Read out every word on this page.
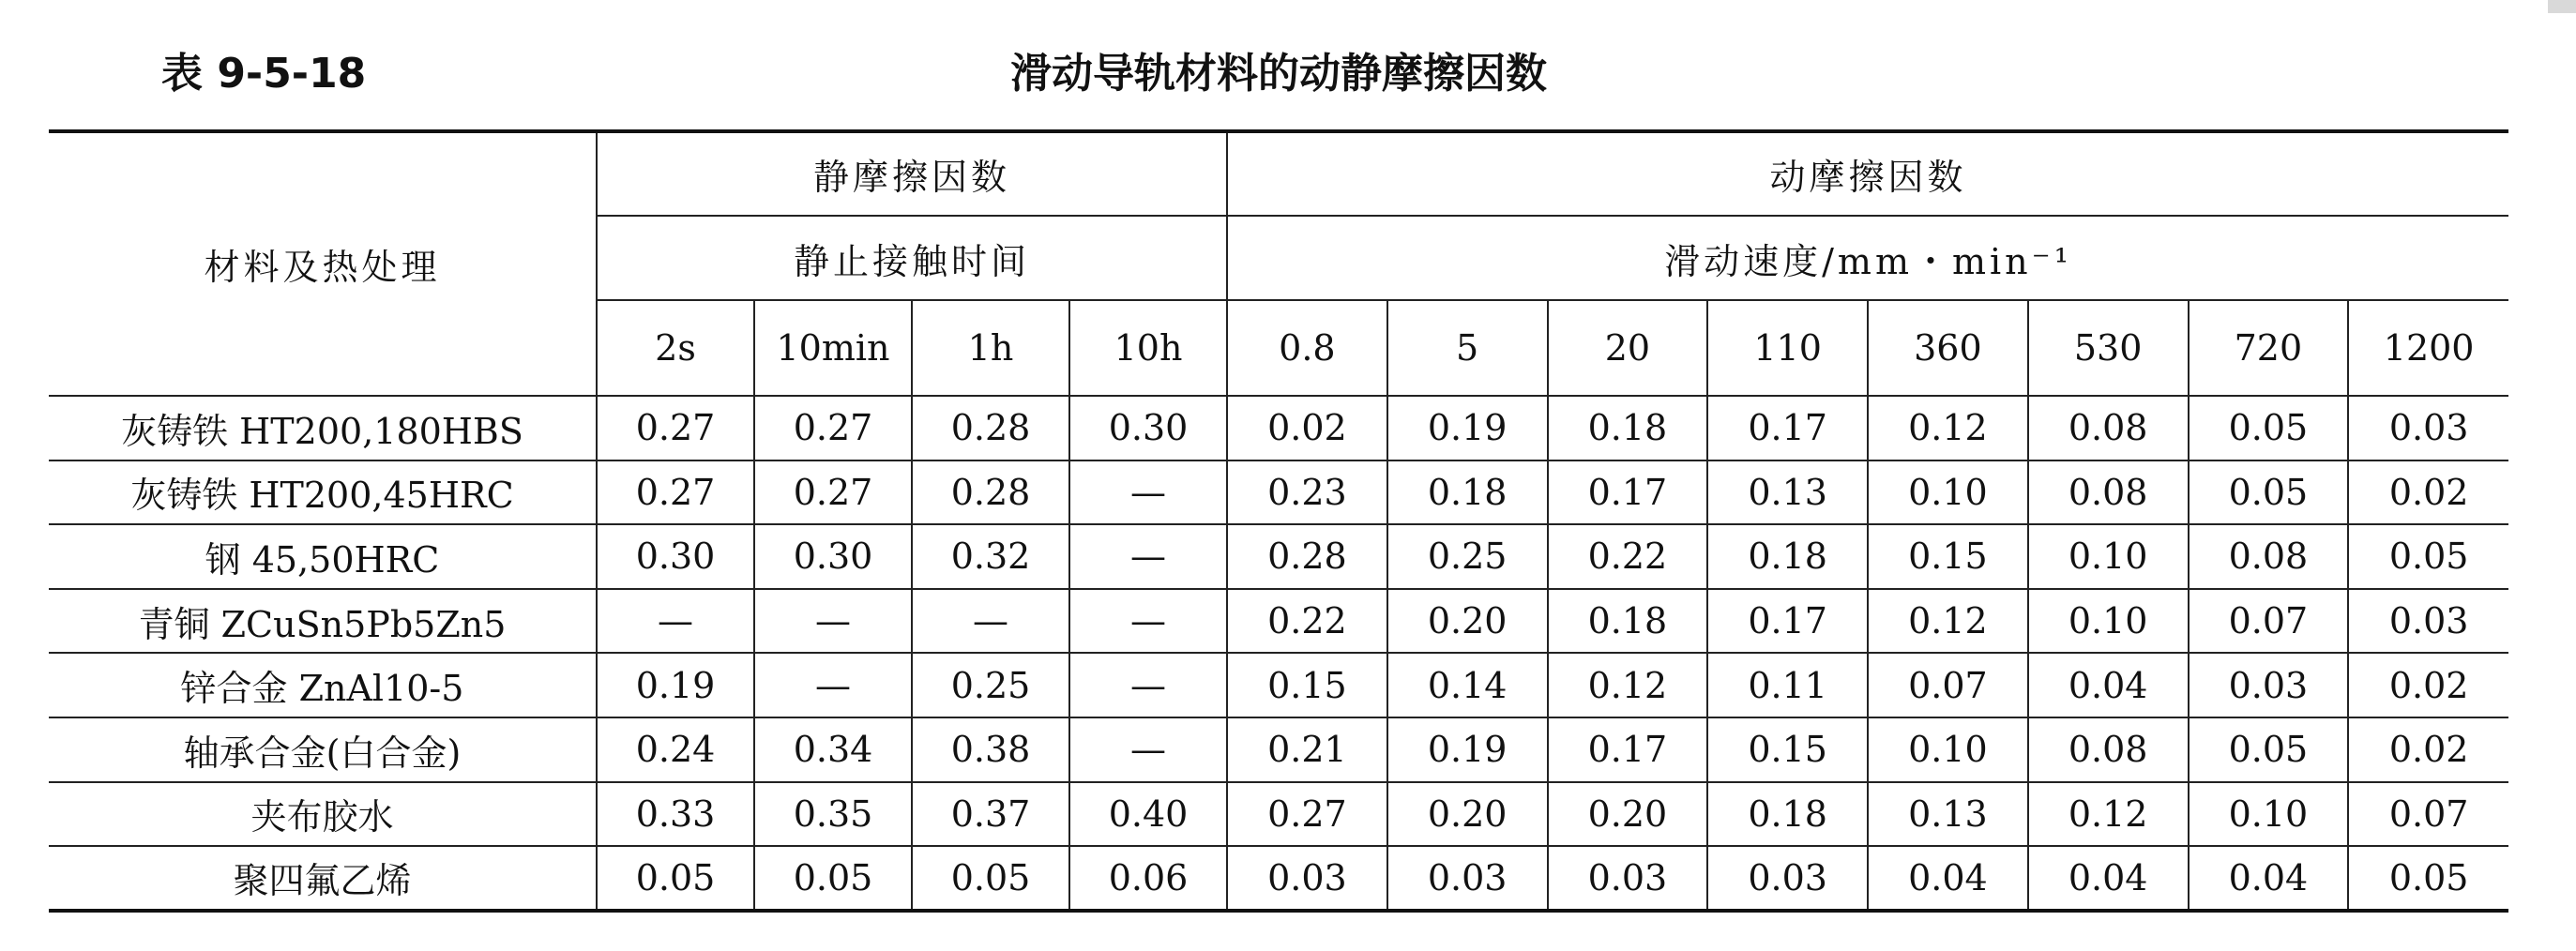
滑动导轨材料的动静摩擦因数
表 9-5-18
材料及热处理	静摩擦因数				动摩擦因数							
	静止接触时间				滑动速度/mm・min⁻¹							
	2s	10min	1h	10h	0.8	5	20	110	360	530	720	1200
灰铸铁 HT200,180HBS	0.27	0.27	0.28	0.30	0.02	0.19	0.18	0.17	0.12	0.08	0.05	0.03
灰铸铁 HT200,45HRC	0.27	0.27	0.28	—	0.23	0.18	0.17	0.13	0.10	0.08	0.05	0.02
钢 45,50HRC	0.30	0.30	0.32	—	0.28	0.25	0.22	0.18	0.15	0.10	0.08	0.05
青铜 ZCuSn5Pb5Zn5	—	—	—	—	0.22	0.20	0.18	0.17	0.12	0.10	0.07	0.03
锌合金 ZnAl10-5	0.19	—	0.25	—	0.15	0.14	0.12	0.11	0.07	0.04	0.03	0.02
轴承合金(白合金)	0.24	0.34	0.38	—	0.21	0.19	0.17	0.15	0.10	0.08	0.05	0.02
夹布胶水	0.33	0.35	0.37	0.40	0.27	0.20	0.20	0.18	0.13	0.12	0.10	0.07
聚四氟乙烯	0.05	0.05	0.05	0.06	0.03	0.03	0.03	0.03	0.04	0.04	0.04	0.05
